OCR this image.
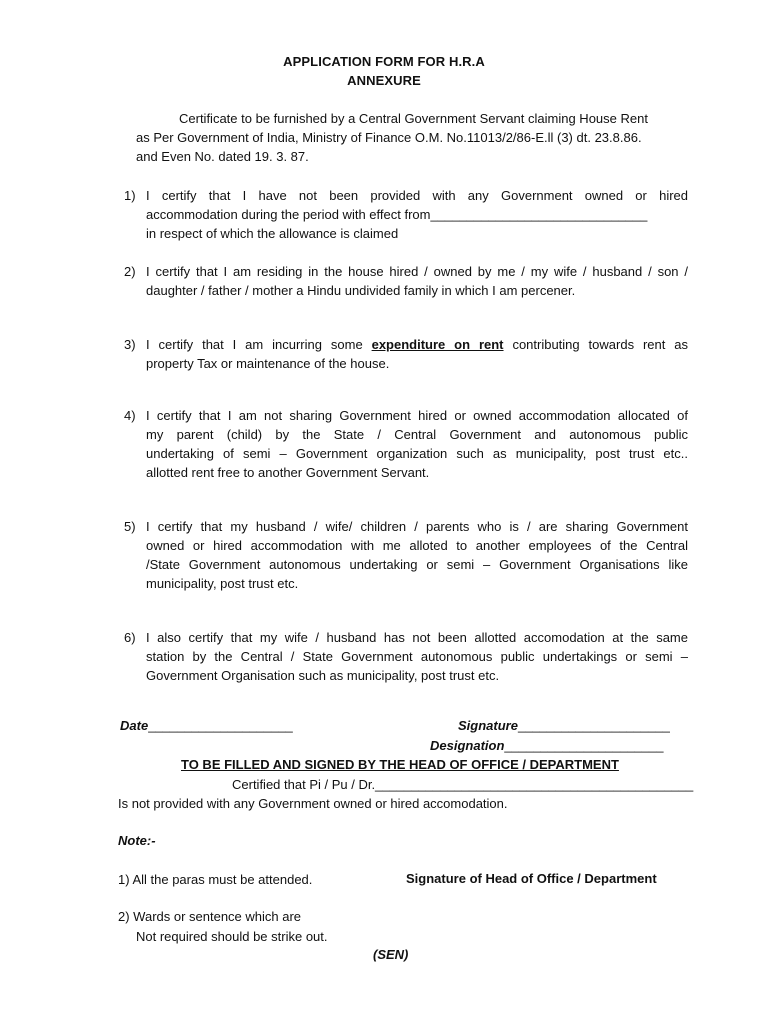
APPLICATION FORM FOR H.R.A
ANNEXURE
Certificate to be furnished by a Central Government Servant claiming House Rent
as Per Government of India, Ministry of Finance O.M. No.11013/2/86-E.ll (3) dt. 23.8.86.
and Even No. dated 19. 3. 87.
1) I certify that I have not been provided with any Government owned or hired
accommodation during the period with effect from______________________________
in respect of which the allowance is claimed
2) I certify that I am residing in the house hired / owned by me / my wife / husband / son /
daughter / father / mother a Hindu undivided family in which I am percener.
3) I certify that I am incurring some expenditure on rent contributing towards rent as
property Tax or maintenance of the house.
4) I certify that I am not sharing Government hired or owned accommodation allocated of
my parent (child) by the State / Central Government and autonomous public
undertaking of semi – Government organization such as municipality, post trust etc..
allotted rent free to another Government Servant.
5) I certify that my husband / wife/ children / parents who is / are sharing Government
owned or hired accommodation with me alloted to another employees of the Central
/State Government autonomous undertaking or semi – Government Organisations like
municipality, post trust etc.
6) I also certify that my wife / husband has not been allotted accomodation at the same
station by the Central / State Government autonomous public undertakings or semi –
Government Organisation such as municipality, post trust etc.
Date____________________	Signature_____________________
Designation______________________
TO BE FILLED AND SIGNED BY THE HEAD OF OFFICE / DEPARTMENT
Certified that Pi / Pu / Dr.____________________________________________
Is not provided with any Government owned or hired accomodation.
Note:-
1) All the paras must be attended.	Signature of Head of Office / Department
2) Wards or sentence which are
Not required should be strike out.
(SEN)
